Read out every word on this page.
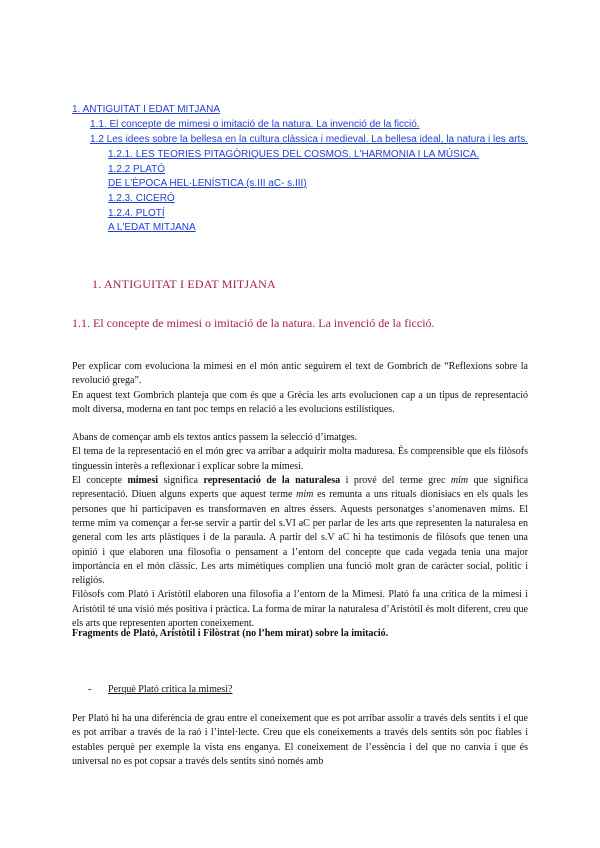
1. ANTIGUITAT I EDAT MITJANA
1.1. El concepte de mimesi o imitació de la natura. La invenció de la ficció.
1.2 Les idees sobre la bellesa en la cultura clàssica i medieval. La bellesa ideal, la natura i les arts.
1.2.1. LES TEORIES PITAGÒRIQUES DEL COSMOS. L'HARMONIA I LA MÚSICA.
1.2.2 PLATÓ
DE L'ÈPOCA HEL·LENÍSTICA (s.III aC- s.III)
1.2.3. CICERÓ
1.2.4. PLOTÍ
A L'EDAT MITJANA
1. ANTIGUITAT I EDAT MITJANA
1.1. El concepte de mimesi o imitació de la natura. La invenció de la ficció.

Per explicar com evoluciona la mimesi en el món antic seguirem el text de Gombrich de “Reflexions sobre la revolució grega”.

En aquest text Gombrich planteja que com és que a Grècia les arts evolucionen cap a un tipus de representació molt diversa, moderna en tant poc temps en relació a les evolucions estilístiques.

Abans de començar amb els textos antics passem la selecció d’imatges.

El tema de la representació en el món grec va arribar a adquirir molta maduresa. És comprensible que els filòsofs tinguessin interès a reflexionar i explicar sobre la mimesi.

El concepte mimesi significa representació de la naturalesa i prové del terme grec mim que significa representació. Diuen alguns experts que aquest terme mim es remunta a uns rituals dionisiacs en els quals les persones que hi participaven es transformaven en altres éssers. Aquests personatges s’anomenaven mims. El terme mim va començar a fer-se servir a partir del s.VI aC per parlar de les arts que representen la naturalesa en general com les arts plàstiques i de la paraula. A partir del s.V aC hi ha testimonis de filòsofs que tenen una opinió i que elaboren una filosofia o pensament a l’entorn del concepte que cada vegada tenia una major importància en el món clàssic. Les arts mimètiques complien una funció molt gran de caràcter social, polític i religiós.

Filòsofs com Plató i Aristòtil elaboren una filosofia a l’entorn de la Mimesi. Plató fa una crítica de la mimesi i Aristòtil té una visió més positiva i pràctica. La forma de mirar la naturalesa d’Aristòtil és molt diferent, creu que els arts que representen aporten coneixement.

Fragments de Plató, Aristòtil i Filòstrat (no l’hem mirat) sobre la imitació.

- Perquè Plató critica la mimesi?

Per Plató hi ha una diferència de grau entre el coneixement que es pot arribar assolir a través dels sentits i el que es pot arribar a través de la raó i l’intel·lecte. Creu que els coneixements a través dels sentits són poc fiables i estables perquè per exemple la vista ens enganya. El coneixement de l’essència i del que no canvia i que és universal no es pot copsar a través dels sentits sinó només amb
